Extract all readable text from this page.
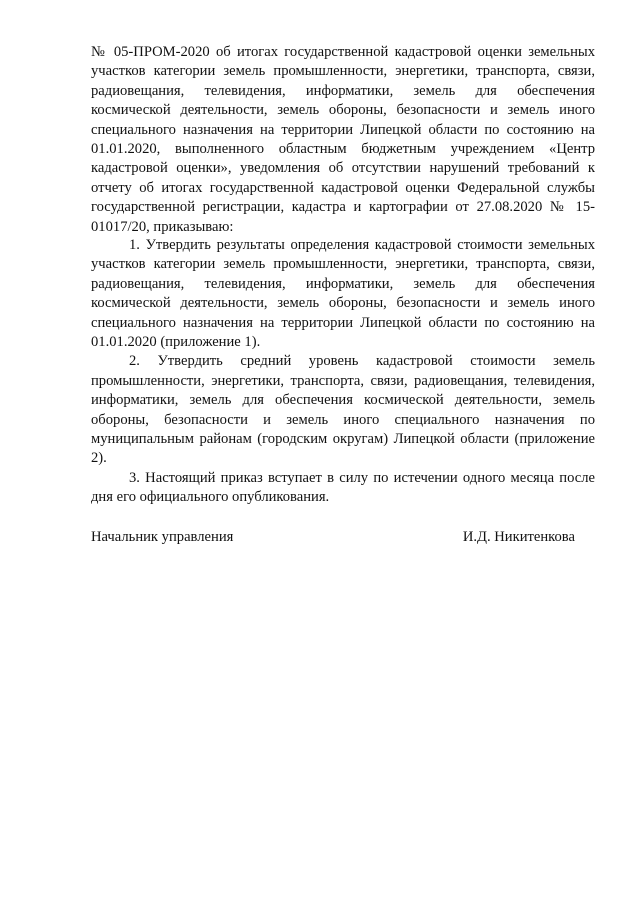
№ 05-ПРОМ-2020 об итогах государственной кадастровой оценки земельных участков категории земель промышленности, энергетики, транспорта, связи, радиовещания, телевидения, информатики, земель для обеспечения космической деятельности, земель обороны, безопасности и земель иного специального назначения на территории Липецкой области по состоянию на 01.01.2020, выполненного областным бюджетным учреждением «Центр кадастровой оценки», уведомления об отсутствии нарушений требований к отчету об итогах государственной кадастровой оценки Федеральной службы государственной регистрации, кадастра и картографии от 27.08.2020 № 15-01017/20, приказываю:

1. Утвердить результаты определения кадастровой стоимости земельных участков категории земель промышленности, энергетики, транспорта, связи, радиовещания, телевидения, информатики, земель для обеспечения космической деятельности, земель обороны, безопасности и земель иного специального назначения на территории Липецкой области по состоянию на 01.01.2020 (приложение 1).

2. Утвердить средний уровень кадастровой стоимости земель промышленности, энергетики, транспорта, связи, радиовещания, телевидения, информатики, земель для обеспечения космической деятельности, земель обороны, безопасности и земель иного специального назначения по муниципальным районам (городским округам) Липецкой области (приложение 2).

3. Настоящий приказ вступает в силу по истечении одного месяца после дня его официального опубликования.

Начальник управления	И.Д. Никитенкова
